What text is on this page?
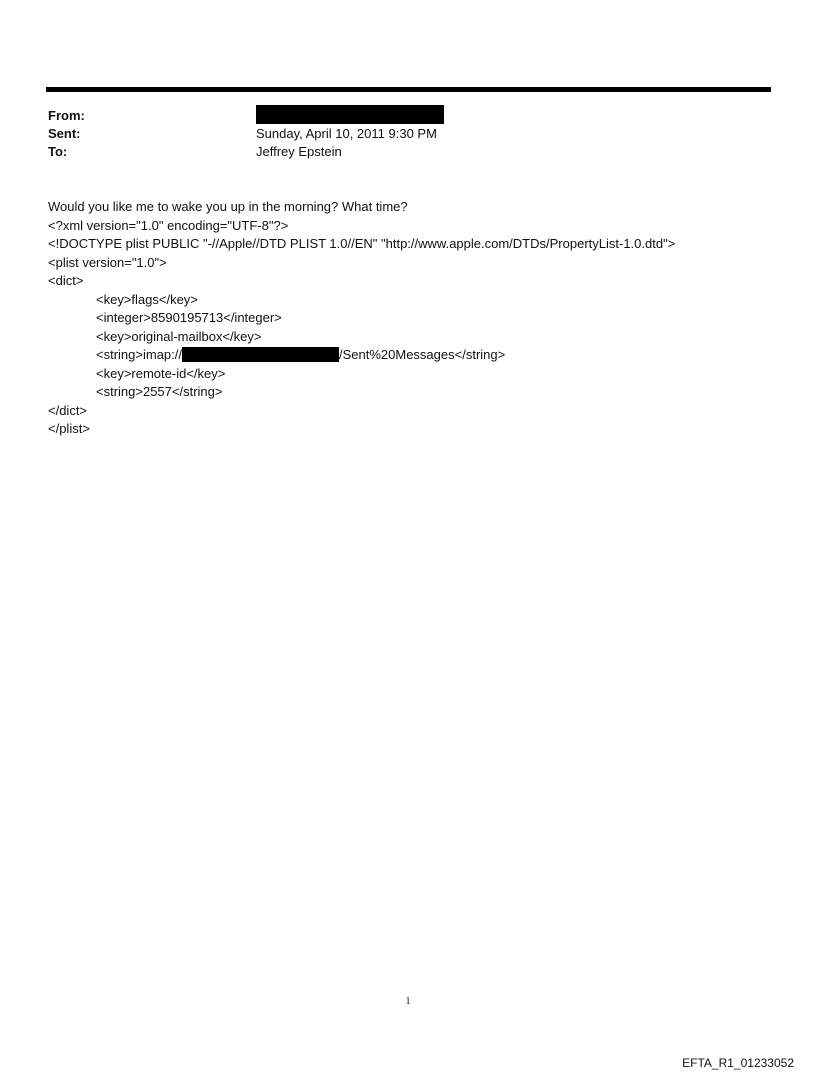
From:
Sent:	Sunday, April 10, 2011 9:30 PM
To:	Jeffrey Epstein
Would you like me to wake you up in the morning? What time?
<?xml version="1.0" encoding="UTF-8"?>
<!DOCTYPE plist PUBLIC "-//Apple//DTD PLIST 1.0//EN" "http://www.apple.com/DTDs/PropertyList-1.0.dtd">
<plist version="1.0">
<dict>
<key>flags</key>
<integer>8590195713</integer>
<key>original-mailbox</key>
<string>imap://	/Sent%20Messages</string>
<key>remote-id</key>
<string>2557</string>
</dict>
</plist>
1
EFTA_R1_01233052
